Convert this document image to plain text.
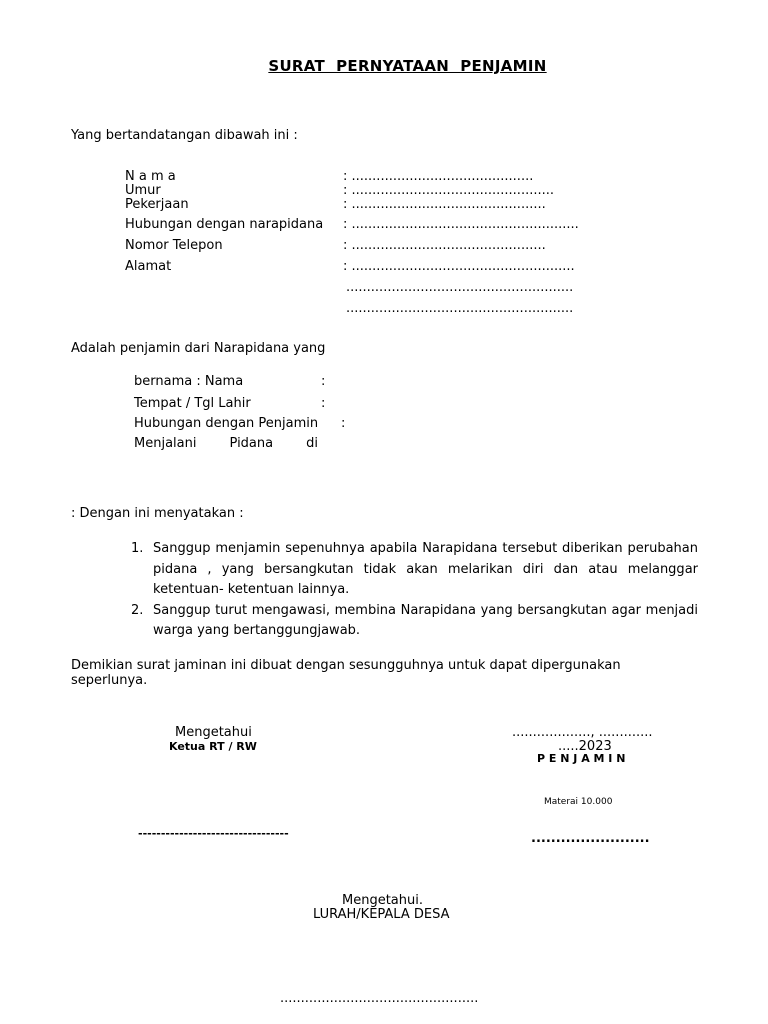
SURAT  PERNYATAAN  PENJAMIN
Yang bertandatangan dibawah ini :
N a m a	: ............................................
Umur	: .................................................
Pekerjaan	: ...............................................
Hubungan dengan narapidana : .......................................................
Nomor Telepon	: ...............................................
Alamat	: ......................................................
.......................................................
.......................................................
Adalah penjamin dari Narapidana yang
bernama : Nama	:
Tempat / Tgl Lahir	:
Hubungan dengan Penjamin :
Menjalani        Pidana        di
: Dengan ini menyatakan :
1. Sanggup menjamin sepenuhnya apabila Narapidana tersebut diberikan perubahan pidana , yang bersangkutan tidak akan melarikan diri dan atau melanggar ketentuan- ketentuan lainnya.
2. Sanggup turut mengawasi, membina Narapidana yang bersangkutan agar menjadi warga yang bertanggungjawab.
Demikian surat jaminan ini dibuat dengan sesungguhnya untuk dapat dipergunakan
seperlunya.
Mengetahui
Ketua RT / RW
---------------------------------
..................., .............
.....2023
P E N J A M I N
Materai 10.000
........................
Mengetahui.
LURAH/KEPALA DESA
................................................
